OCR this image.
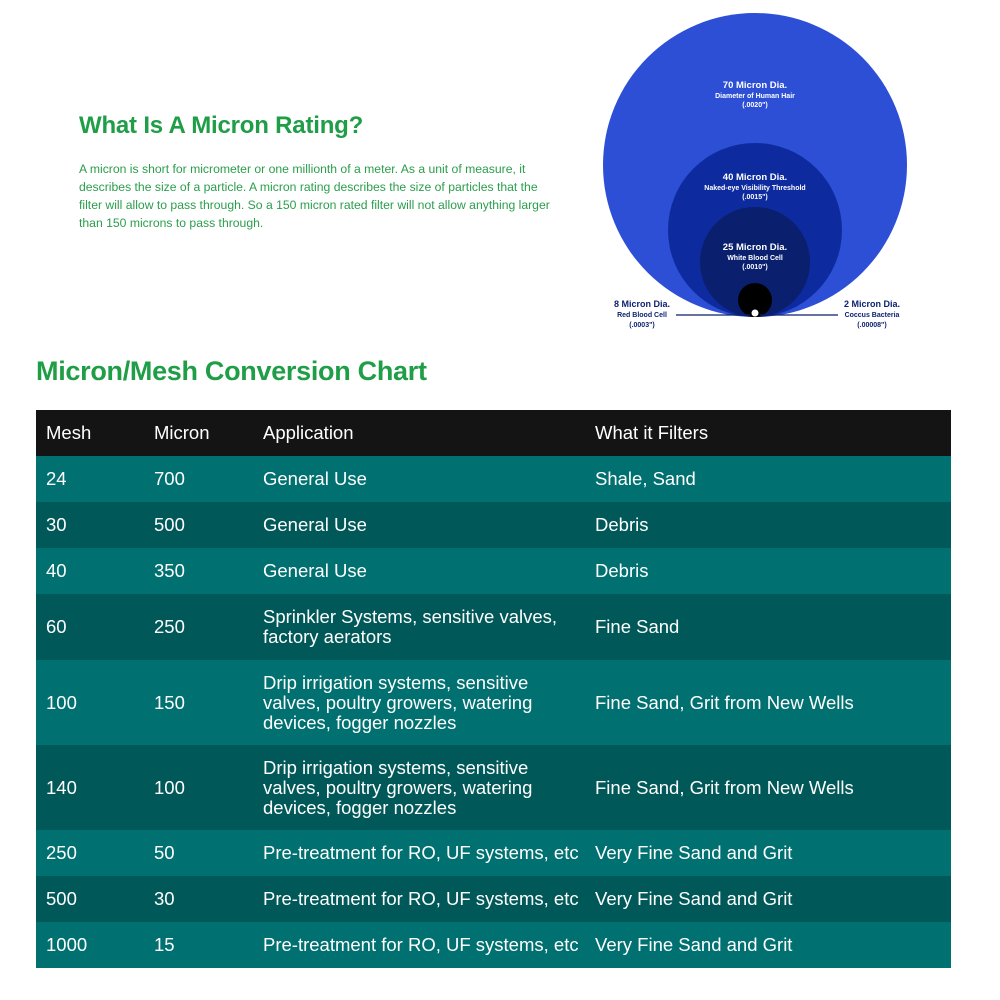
What Is A Micron Rating?

A micron is short for micrometer or one millionth of a meter. As a unit of measure, it describes the size of a particle. A micron rating describes the size of particles that the filter will allow to pass through. So a 150 micron rated filter will not allow anything larger than 150 microns to pass through.

70 Micron Dia.
Diameter of Human Hair
(.0020")
40 Micron Dia.
Naked-eye Visibility Threshold
(.0015")
25 Micron Dia.
White Blood Cell
(.0010")
8 Micron Dia.
Red Blood Cell
(.0003")
2 Micron Dia.
Coccus Bacteria
(.00008")
Micron/Mesh Conversion Chart
Mesh	Micron	Application	What it Filters
24	700	General Use	Shale, Sand
30	500	General Use	Debris
40	350	General Use	Debris
60	250	Sprinkler Systems, sensitive valves, factory aerators	Fine Sand
100	150	Drip irrigation systems, sensitive valves, poultry growers, watering devices, fogger nozzles	Fine Sand, Grit from New Wells
140	100	Drip irrigation systems, sensitive valves, poultry growers, watering devices, fogger nozzles	Fine Sand, Grit from New Wells
250	50	Pre-treatment for RO, UF systems, etc	Very Fine Sand and Grit
500	30	Pre-treatment for RO, UF systems, etc	Very Fine Sand and Grit
1000	15	Pre-treatment for RO, UF systems, etc	Very Fine Sand and Grit
